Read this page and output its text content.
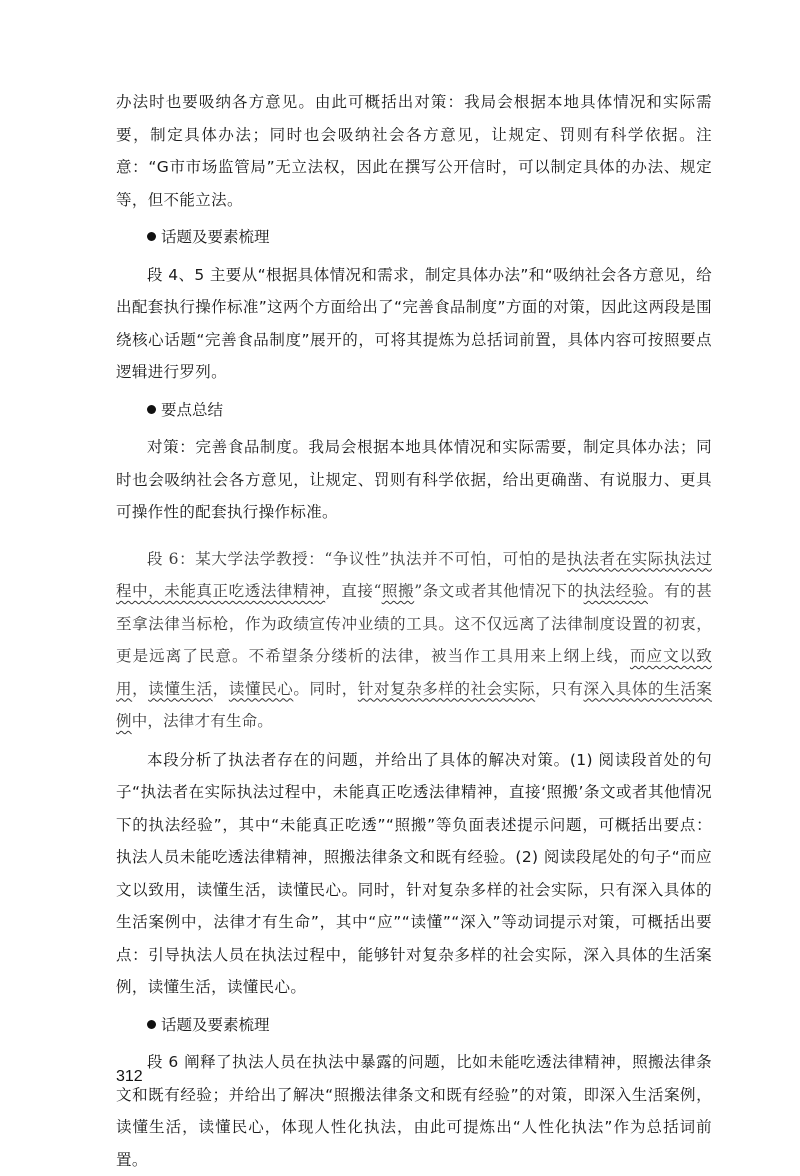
办法时也要吸纳各方意见。由此可概括出对策：我局会根据本地具体情况和实际需要，制定具体办法；同时也会吸纳社会各方意见，让规定、罚则有科学依据。注意：“G市市场监管局”无立法权，因此在撰写公开信时，可以制定具体的办法、规定等，但不能立法。

话题及要素梳理

段 4、5 主要从“根据具体情况和需求，制定具体办法”和“吸纳社会各方意见，给出配套执行操作标准”这两个方面给出了“完善食品制度”方面的对策，因此这两段是围绕核心话题“完善食品制度”展开的，可将其提炼为总括词前置，具体内容可按照要点逻辑进行罗列。

要点总结

对策：完善食品制度。我局会根据本地具体情况和实际需要，制定具体办法；同时也会吸纳社会各方意见，让规定、罚则有科学依据，给出更确凿、有说服力、更具可操作性的配套执行操作标准。

段 6：某大学法学教授：“争议性”执法并不可怕，可怕的是执法者在实际执法过程中，未能真正吃透法律精神，直接“照搬”条文或者其他情况下的执法经验。有的甚至拿法律当标枪，作为政绩宣传冲业绩的工具。这不仅远离了法律制度设置的初衷，更是远离了民意。不希望条分缕析的法律，被当作工具用来上纲上线，而应文以致用，读懂生活，读懂民心。同时，针对复杂多样的社会实际，只有深入具体的生活案例中，法律才有生命。

本段分析了执法者存在的问题，并给出了具体的解决对策。(1) 阅读段首处的句子“执法者在实际执法过程中，未能真正吃透法律精神，直接‘照搬’条文或者其他情况下的执法经验”，其中“未能真正吃透”“照搬”等负面表述提示问题，可概括出要点：执法人员未能吃透法律精神，照搬法律条文和既有经验。(2) 阅读段尾处的句子“而应文以致用，读懂生活，读懂民心。同时，针对复杂多样的社会实际，只有深入具体的生活案例中，法律才有生命”，其中“应”“读懂”“深入”等动词提示对策，可概括出要点：引导执法人员在执法过程中，能够针对复杂多样的社会实际，深入具体的生活案例，读懂生活，读懂民心。

话题及要素梳理

段 6 阐释了执法人员在执法中暴露的问题，比如未能吃透法律精神，照搬法律条文和既有经验；并给出了解决“照搬法律条文和既有经验”的对策，即深入生活案例，读懂生活，读懂民心，体现人性化执法，由此可提炼出“人性化执法”作为总括词前置。

312
